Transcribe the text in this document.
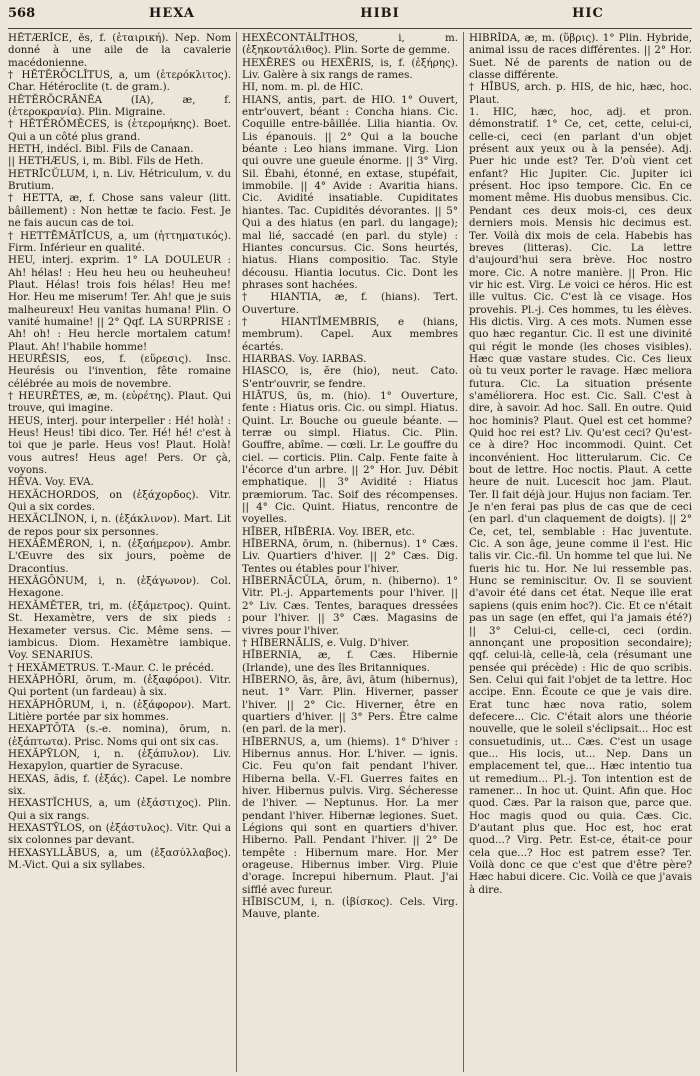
568	HEXA	HIBI	HIC

HĔTÆRĬCE, ēs, f. (ἑταιρική). Nep. Nom donné à une aile de la cavalerie macédonienne.

† HĔTĔRŎCLĬTUS, a, um (ἑτερόκλιτος). Char. Hétéroclite (t. de gram.).

HĔTĔRŎCRĀNĔA (IA), æ, f. (ἑτεροκρανία). Plin. Migraine.

† HĔTĔRŎMĔCES, is (ἑτερομήκης). Boet. Qui a un côté plus grand.

HETH, indécl. Bibl. Fils de Canaan.

|| HETHÆUS, i, m. Bibl. Fils de Heth.

HETRĪCŬLUM, i, n. Liv. Hétriculum, v. du Brutium.

† HETTA, æ, f. Chose sans valeur (litt. bâillement) : Non hettæ te facio. Fest. Je ne fais aucun cas de toi.

† HETTĒMĂTĬCUS, a, um (ἡττηματικός). Firm. Inférieur en qualité.

HEU, interj. exprim. 1° LA DOULEUR : Ah! hélas! : Heu heu heu ou heuheuheu! Plaut. Hélas! trois fois hélas! Heu me! Hor. Heu me miserum! Ter. Ah! que je suis malheureux! Heu vanitas humana! Plin. O vanité humaine! || 2° Qqf. LA SURPRISE : Ah! oh! : Heu hercle mortalem catum! Plaut. Ah! l'habile homme!

HEURĒSIS, eos, f. (εὕρεσις). Insc. Heurésis ou l'invention, fête romaine célébrée au mois de novembre.

† HEURĒTES, æ, m. (εὑρέτης). Plaut. Qui trouve, qui imagine.

HEUS, interj. pour interpeller : Hé! holà! : Heus! Heus! tibi dico. Ter. Hé! hé! c'est à toi que je parle. Heus vos! Plaut. Holà! vous autres! Heus age! Pers. Or çà, voyons.

HĔVA. Voy. EVA.

HEXĂCHORDOS, on (ἑξάχορδος). Vitr. Qui a six cordes.

HEXĂCLĪNON, i, n. (ἑξάκλινον). Mart. Lit de repos pour six personnes.

HEXĂĒMĔRON, i, n. (ἑξαήμερον). Ambr. L'Œuvre des six jours, poème de Dracontius.

HEXĂGŌNUM, i, n. (ἑξάγωνον). Col. Hexagone.

HEXĂMĔTER, tri, m. (ἑξάμετρος). Quint. St. Hexamètre, vers de six pieds : Hexameter versus. Cic. Même sens. — iambicus. Diom. Hexamètre iambique. Voy. SENARIUS.

† HEXĂMETRUS. T.-Maur. C. le précéd.

HEXĂPHŌRI, ōrum, m. (ἑξαφόροι). Vitr. Qui portent (un fardeau) à six.

HEXĂPHŌRUM, i, n. (ἑξάφορον). Mart. Litière portée par six hommes.

HEXAPTŌTA (s.-e. nomina), ōrum, n. (ἑξάπτωτα). Prisc. Noms qui ont six cas.

HEXĂPȲLON, i, n. (ἑξάπυλον). Liv. Hexapylon, quartier de Syracuse.

HEXAS, ădis, f. (ἑξάς). Capel. Le nombre six.

HEXASTĬCHUS, a, um (ἑξάστιχος). Plin. Qui a six rangs.

HEXASTȲLOS, on (ἑξάστυλος). Vitr. Qui a six colonnes par devant.

HEXASYLLĂBUS, a, um (ἑξασύλλαβος). M.-Vict. Qui a six syllabes.

HEXĒCONTĂLĪTHOS, i, m. (ἑξηκοντάλιθος). Plin. Sorte de gemme.

HEXĒRES ou HEXĒRIS, is, f. (ἑξήρης). Liv. Galère à six rangs de rames.

HI, nom. m. pl. de HIC.

HIANS, antis, part. de HIO. 1° Ouvert, entr'ouvert, béant : Concha hians. Cic. Coquille entre-bâillée. Lilia hiantia. Ov. Lis épanouis. || 2° Qui a la bouche béante : Leo hians immane. Virg. Lion qui ouvre une gueule énorme. || 3° Virg. Sil. Ébahi, étonné, en extase, stupéfait, immobile. || 4° Avide : Avaritia hians. Cic. Avidité insatiable. Cupiditates hiantes. Tac. Cupidités dévorantes. || 5° Qui a des hiatus (en parl. du langage); mal lié, saccadé (en parl. du style) : Hiantes concursus. Cic. Sons heurtés, hiatus. Hians compositio. Tac. Style décousu. Hiantia locutus. Cic. Dont les phrases sont hachées.

† HIANTIA, æ, f. (hians). Tert. Ouverture.

† HIANTĬMEMBRIS, e (hians, membrum). Capel. Aux membres écartés.

HIARBAS. Voy. IARBAS.

HIASCO, is, ĕre (hio), neut. Cato. S'entr'ouvrir, se fendre.

HIĀTUS, ūs, m. (hio). 1° Ouverture, fente : Hiatus oris. Cic. ou simpl. Hiatus. Quint. Lr. Bouche ou gueule béante. — terræ ou simpl. Hiatus. Cic. Plin. Gouffre, abîme. — cœli. Lr. Le gouffre du ciel. — corticis. Plin. Calp. Fente faite à l'écorce d'un arbre. || 2° Hor. Juv. Débit emphatique. || 3° Avidité : Hiatus præmiorum. Tac. Soif des récompenses. || 4° Cic. Quint. Hiatus, rencontre de voyelles.

HĪBER, HĪBĒRIA. Voy. IBER, etc.

HĪBERNA, ōrum, n. (hibernus). 1° Cæs. Liv. Quartiers d'hiver. || 2° Cæs. Dig. Tentes ou étables pour l'hiver.

HĪBERNĀCŬLA, ōrum, n. (hiberno). 1° Vitr. Pl.-j. Appartements pour l'hiver. || 2° Liv. Cæs. Tentes, baraques dressées pour l'hiver. || 3° Cæs. Magasins de vivres pour l'hiver.

† HĪBERNĀLIS, e. Vulg. D'hiver.

HĪBERNIA, æ, f. Cæs. Hibernie (Irlande), une des îles Britanniques.

HĪBERNO, ās, āre, āvi, ātum (hibernus), neut. 1° Varr. Plin. Hiverner, passer l'hiver. || 2° Cic. Hiverner, être en quartiers d'hiver. || 3° Pers. Être calme (en parl. de la mer).

HĪBERNUS, a, um (hiems). 1° D'hiver : Hibernus annus. Hor. L'hiver. — ignis. Cic. Feu qu'on fait pendant l'hiver. Hiberna bella. V.-Fl. Guerres faites en hiver. Hibernus pulvis. Virg. Sécheresse de l'hiver. — Neptunus. Hor. La mer pendant l'hiver. Hibernæ legiones. Suet. Légions qui sont en quartiers d'hiver. Hiberno. Pall. Pendant l'hiver. || 2° De tempête : Hibernum mare. Hor. Mer orageuse. Hibernus imber. Virg. Pluie d'orage. Increpui hibernum. Plaut. J'ai sifflé avec fureur.

HĪBISCUM, i, n. (ἰβίσκος). Cels. Virg. Mauve, plante.

HIBRĬDA, æ, m. (ὕβρις). 1° Plin. Hybride, animal issu de races différentes. || 2° Hor. Suet. Né de parents de nation ou de classe différente.

† HĪBUS, arch. p. HIS, de hic, hæc, hoc. Plaut.

1. HIC, hæc, hoc, adj. et pron. démonstratif. 1° Ce, cet, cette, celui-ci, celle-ci, ceci (en parlant d'un objet présent aux yeux ou à la pensée). Adj. Puer hic unde est? Ter. D'où vient cet enfant? Hic Jupiter. Cic. Jupiter ici présent. Hoc ipso tempore. Cic. En ce moment même. His duobus mensibus. Cic. Pendant ces deux mois-ci, ces deux derniers mois. Mensis hic decimus est. Ter. Voilà dix mois de cela. Habebis has breves (litteras). Cic. La lettre d'aujourd'hui sera brève. Hoc nostro more. Cic. A notre manière. || Pron. Hic vir hic est. Virg. Le voici ce héros. Hic est ille vultus. Cic. C'est là ce visage. Hos provehis. Pl.-j. Ces hommes, tu les élèves. His dictis. Virg. A ces mots. Numen esse quo hæc regantur. Cic. Il est une divinité qui régit le monde (les choses visibles). Hæc quæ vastare studes. Cic. Ces lieux où tu veux porter le ravage. Hæc meliora futura. Cic. La situation présente s'améliorera. Hoc est. Cic. Sall. C'est à dire, à savoir. Ad hoc. Sall. En outre. Quid hoc hominis? Plaut. Quel est cet homme? Quid hoc rei est? Liv. Qu'est ceci? Qu'est-ce à dire? Hoc incommodi. Quint. Cet inconvénient. Hoc litterularum. Cic. Ce bout de lettre. Hoc noctis. Plaut. A cette heure de nuit. Lucescit hoc jam. Plaut. Ter. Il fait déjà jour. Hujus non faciam. Ter. Je n'en ferai pas plus de cas que de ceci (en parl. d'un claquement de doigts). || 2° Ce, cet, tel, semblable : Hac juventute. Cic. A son âge, jeune comme il l'est. Hic talis vir. Cic.-fil. Un homme tel que lui. Ne fueris hic tu. Hor. Ne lui ressemble pas. Hunc se reminiscitur. Ov. Il se souvient d'avoir été dans cet état. Neque ille erat sapiens (quis enim hoc?). Cic. Et ce n'était pas un sage (en effet, qui l'a jamais été?) || 3° Celui-ci, celle-ci, ceci (ordin. annonçant une proposition secondaire); qqf. celui-là, celle-là, cela (résumant une pensée qui précède) : Hic de quo scribis. Sen. Celui qui fait l'objet de ta lettre. Hoc accipe. Enn. Écoute ce que je vais dire. Erat tunc hæc nova ratio, solem defecere... Cic. C'était alors une théorie nouvelle, que le soleil s'éclipsait... Hoc est consuetudinis, ut... Cæs. C'est un usage que... His locis, ut... Nep. Dans un emplacement tel, que... Hæc intentio tua ut remedium... Pl.-j. Ton intention est de ramener... In hoc ut. Quint. Afin que. Hoc quod. Cæs. Par la raison que, parce que. Hoc magis quod ou quia. Cæs. Cic. D'autant plus que. Hoc est, hoc erat quod...? Virg. Petr. Est-ce, était-ce pour cela que...? Hoc est patrem esse? Ter. Voilà donc ce que c'est que d'être père? Hæc habui dicere. Cic. Voilà ce que j'avais à dire.
